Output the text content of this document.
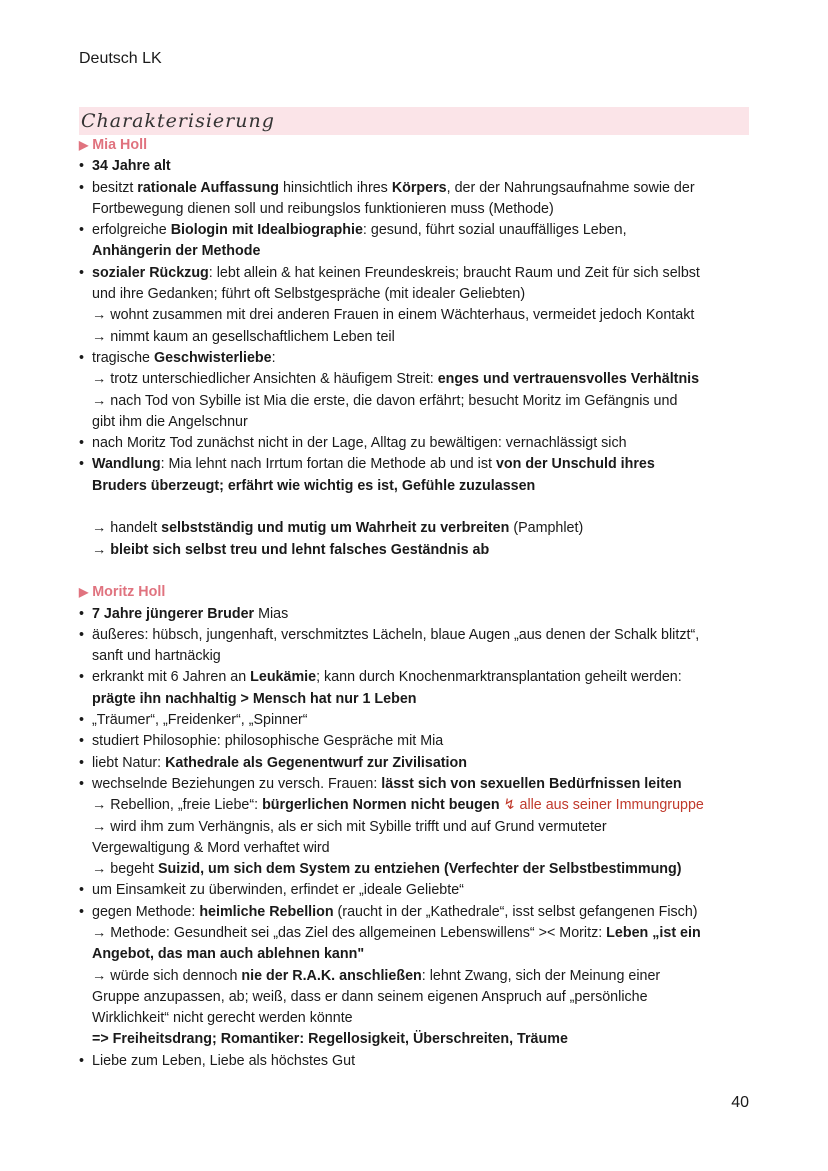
Deutsch LK
Charakterisierung
▶ Mia Holl
• 34 Jahre alt
• besitzt rationale Auffassung hinsichtlich ihres Körpers, der der Nahrungsaufnahme sowie der
Fortbewegung dienen soll und reibungslos funktionieren muss (Methode)
• erfolgreiche Biologin mit Idealbiographie: gesund, führt sozial unauffälliges Leben,
Anhängerin der Methode
• sozialer Rückzug: lebt allein & hat keinen Freundeskreis; braucht Raum und Zeit für sich selbst
und ihre Gedanken; führt oft Selbstgespräche (mit idealer Geliebten)
→ wohnt zusammen mit drei anderen Frauen in einem Wächterhaus, vermeidet jedoch Kontakt
→ nimmt kaum an gesellschaftlichem Leben teil
• tragische Geschwisterliebe:
→ trotz unterschiedlicher Ansichten & häufigem Streit: enges und vertrauensvolles Verhältnis
→ nach Tod von Sybille ist Mia die erste, die davon erfährt; besucht Moritz im Gefängnis und
gibt ihm die Angelschnur
• nach Moritz Tod zunächst nicht in der Lage, Alltag zu bewältigen: vernachlässigt sich
• Wandlung: Mia lehnt nach Irrtum fortan die Methode ab und ist von der Unschuld ihres
Bruders überzeugt; erfährt wie wichtig es ist, Gefühle zuzulassen
→ handelt selbstständig und mutig um Wahrheit zu verbreiten (Pamphlet)
→ bleibt sich selbst treu und lehnt falsches Geständnis ab
▶ Moritz Holl
• 7 Jahre jüngerer Bruder Mias
• äußeres: hübsch, jungenhaft, verschmitztes Lächeln, blaue Augen „aus denen der Schalk blitzt“,
sanft und hartnäckig
• erkrankt mit 6 Jahren an Leukämie; kann durch Knochenmarktransplantation geheilt werden:
prägte ihn nachhaltig > Mensch hat nur 1 Leben
• „Träumer“, „Freidenker“, „Spinner“
• studiert Philosophie: philosophische Gespräche mit Mia
• liebt Natur: Kathedrale als Gegenentwurf zur Zivilisation
• wechselnde Beziehungen zu versch. Frauen: lässt sich von sexuellen Bedürfnissen leiten
→ Rebellion, „freie Liebe“: bürgerlichen Normen nicht beugen ↯ alle aus seiner Immungruppe
→ wird ihm zum Verhängnis, als er sich mit Sybille trifft und auf Grund vermuteter
Vergewaltigung & Mord verhaftet wird
→ begeht Suizid, um sich dem System zu entziehen (Verfechter der Selbstbestimmung)
• um Einsamkeit zu überwinden, erfindet er „ideale Geliebte“
• gegen Methode: heimliche Rebellion (raucht in der „Kathedrale“, isst selbst gefangenen Fisch)
→ Methode: Gesundheit sei „das Ziel des allgemeinen Lebenswillens“ >< Moritz: Leben „ist ein
Angebot, das man auch ablehnen kann"
→ würde sich dennoch nie der R.A.K. anschließen: lehnt Zwang, sich der Meinung einer
Gruppe anzupassen, ab; weiß, dass er dann seinem eigenen Anspruch auf „persönliche
Wirklichkeit“ nicht gerecht werden könnte
=> Freiheitsdrang; Romantiker: Regellosigkeit, Überschreiten, Träume
• Liebe zum Leben, Liebe als höchstes Gut
40
